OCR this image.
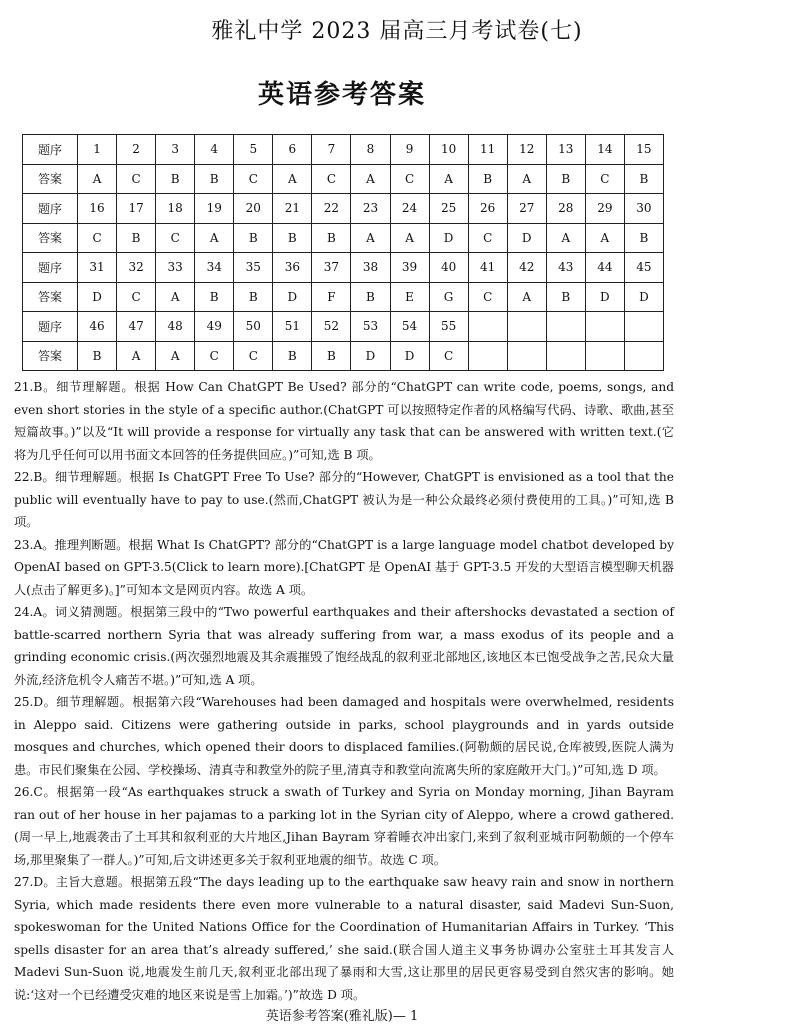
雅礼中学 2023 届高三月考试卷(七)
英语参考答案
题序	1	2	3	4	5	6	7	8	9	10	11	12	13	14	15
答案	A	C	B	B	C	A	C	A	C	A	B	A	B	C	B
题序	16	17	18	19	20	21	22	23	24	25	26	27	28	29	30
答案	C	B	C	A	B	B	B	A	A	D	C	D	A	A	B
题序	31	32	33	34	35	36	37	38	39	40	41	42	43	44	45
答案	D	C	A	B	B	D	F	B	E	G	C	A	B	D	D
题序	46	47	48	49	50	51	52	53	54	55					
答案	B	A	A	C	C	B	B	D	D	C					

21.B。细节理解题。根据 How Can ChatGPT Be Used? 部分的“ChatGPT can write code, poems, songs, and even short stories in the style of a specific author.(ChatGPT 可以按照特定作者的风格编写代码、诗歌、歌曲,甚至短篇故事。)”以及“It will provide a response for virtually any task that can be answered with written text.(它将为几乎任何可以用书面文本回答的任务提供回应。)”可知,选 B 项。

22.B。细节理解题。根据 Is ChatGPT Free To Use? 部分的“However, ChatGPT is envisioned as a tool that the public will eventually have to pay to use.(然而,ChatGPT 被认为是一种公众最终必须付费使用的工具。)”可知,选 B 项。

23.A。推理判断题。根据 What Is ChatGPT? 部分的“ChatGPT is a large language model chatbot developed by OpenAI based on GPT-3.5(Click to learn more).[ChatGPT 是 OpenAI 基于 GPT-3.5 开发的大型语言模型聊天机器人(点击了解更多)。]”可知本文是网页内容。故选 A 项。

24.A。词义猜测题。根据第三段中的“Two powerful earthquakes and their aftershocks devastated a section of battle-scarred northern Syria that was already suffering from war, a mass exodus of its people and a grinding economic crisis.(两次强烈地震及其余震摧毁了饱经战乱的叙利亚北部地区,该地区本已饱受战争之苦,民众大量外流,经济危机令人痛苦不堪。)”可知,选 A 项。

25.D。细节理解题。根据第六段“Warehouses had been damaged and hospitals were overwhelmed, residents in Aleppo said. Citizens were gathering outside in parks, school playgrounds and in yards outside mosques and churches, which opened their doors to displaced families.(阿勒颇的居民说,仓库被毁,医院人满为患。市民们聚集在公园、学校操场、清真寺和教堂外的院子里,清真寺和教堂向流离失所的家庭敞开大门。)”可知,选 D 项。

26.C。根据第一段“As earthquakes struck a swath of Turkey and Syria on Monday morning, Jihan Bayram ran out of her house in her pajamas to a parking lot in the Syrian city of Aleppo, where a crowd gathered.(周一早上,地震袭击了土耳其和叙利亚的大片地区,Jihan Bayram 穿着睡衣冲出家门,来到了叙利亚城市阿勒颇的一个停车场,那里聚集了一群人。)”可知,后文讲述更多关于叙利亚地震的细节。故选 C 项。

27.D。主旨大意题。根据第五段“The days leading up to the earthquake saw heavy rain and snow in northern Syria, which made residents there even more vulnerable to a natural disaster, said Madevi Sun-Suon, spokeswoman for the United Nations Office for the Coordination of Humanitarian Affairs in Turkey. ‘This spells disaster for an area that’s already suffered,’ she said.(联合国人道主义事务协调办公室驻土耳其发言人 Madevi Sun-Suon 说,地震发生前几天,叙利亚北部出现了暴雨和大雪,这让那里的居民更容易受到自然灾害的影响。她说:‘这对一个已经遭受灾难的地区来说是雪上加霜。’)”故选 D 项。

英语参考答案(雅礼版)— 1
